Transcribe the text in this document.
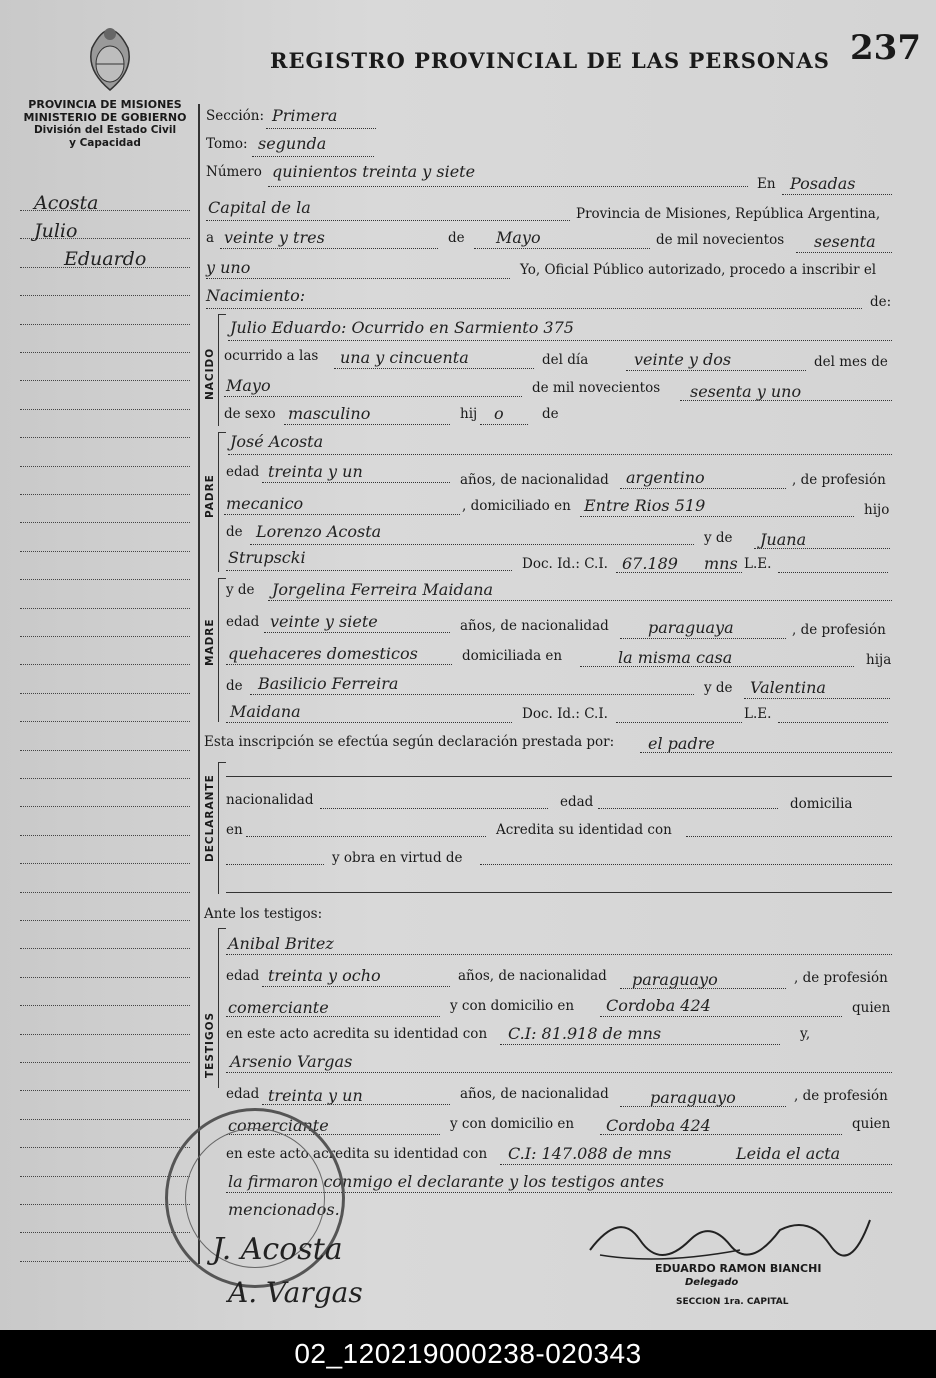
REGISTRO PROVINCIAL DE LAS PERSONAS 237
PROVINCIA DE MISIONES
MINISTERIO DE GOBIERNO
División del Estado Civil
y Capacidad
Acosta
Julio
Eduardo
Sección: Primera
Tomo: segunda
Número quinientos treinta y siete
En Posadas
Capital de la	Provincia de Misiones, República Argentina,
a veinte y tres	de Mayo	de mil novecientos sesenta
y uno	Yo, Oficial Público autorizado, procedo a inscribir el
Nacimiento:	de:
NACIDO
Julio Eduardo: Ocurrido en Sarmiento 375
ocurrido a las una y cincuenta	del día	veinte y dos	del mes de
Mayo	de mil novecientos sesenta y uno
de sexo masculino	hij o	de
PADRE
José Acosta
edad treinta y un	años, de nacionalidad argentino	, de profesión
mecanico	, domiciliado en Entre Rios 519	hijo
de Lorenzo Acosta	y de Juana
Strupscki	Doc. Id.: C.I. 67.189 mns L.E.
MADRE
y de Jorgelina Ferreira Maidana
edad veinte y siete	años, de nacionalidad paraguaya	, de profesión
quehaceres domesticos	domiciliada en	la misma casa	hija
de Basilicio Ferreira	y de Valentina
Maidana	Doc. Id.: C.I.	L.E.
Esta inscripción se efectúa según declaración prestada por: el padre
DECLARANTE nacionalidad	edad	domicilia
en	Acredita su identidad con
y obra en virtud de
Ante los testigos:
TESTIGOS
Anibal Britez
edad treinta y ocho	años, de nacionalidad paraguayo	, de profesión
comerciante	y con domicilio en Cordoba 424	quien
en este acto acredita su identidad con C.I: 81.918 de mns	y,
Arsenio Vargas
edad treinta y un	años, de nacionalidad	paraguayo	, de profesión
comerciante	y con domicilio en Cordoba 424	quien
en este acto acredita su identidad con C.I: 147.088 de mns	Leida el acta
la firmaron conmigo el declarante y los testigos antes
mencionados.
J. Acosta
A. Vargas
EDUARDO RAMON BIANCHI
Delegado
SECCION 1ra. CAPITAL
02_120219000238-020343
